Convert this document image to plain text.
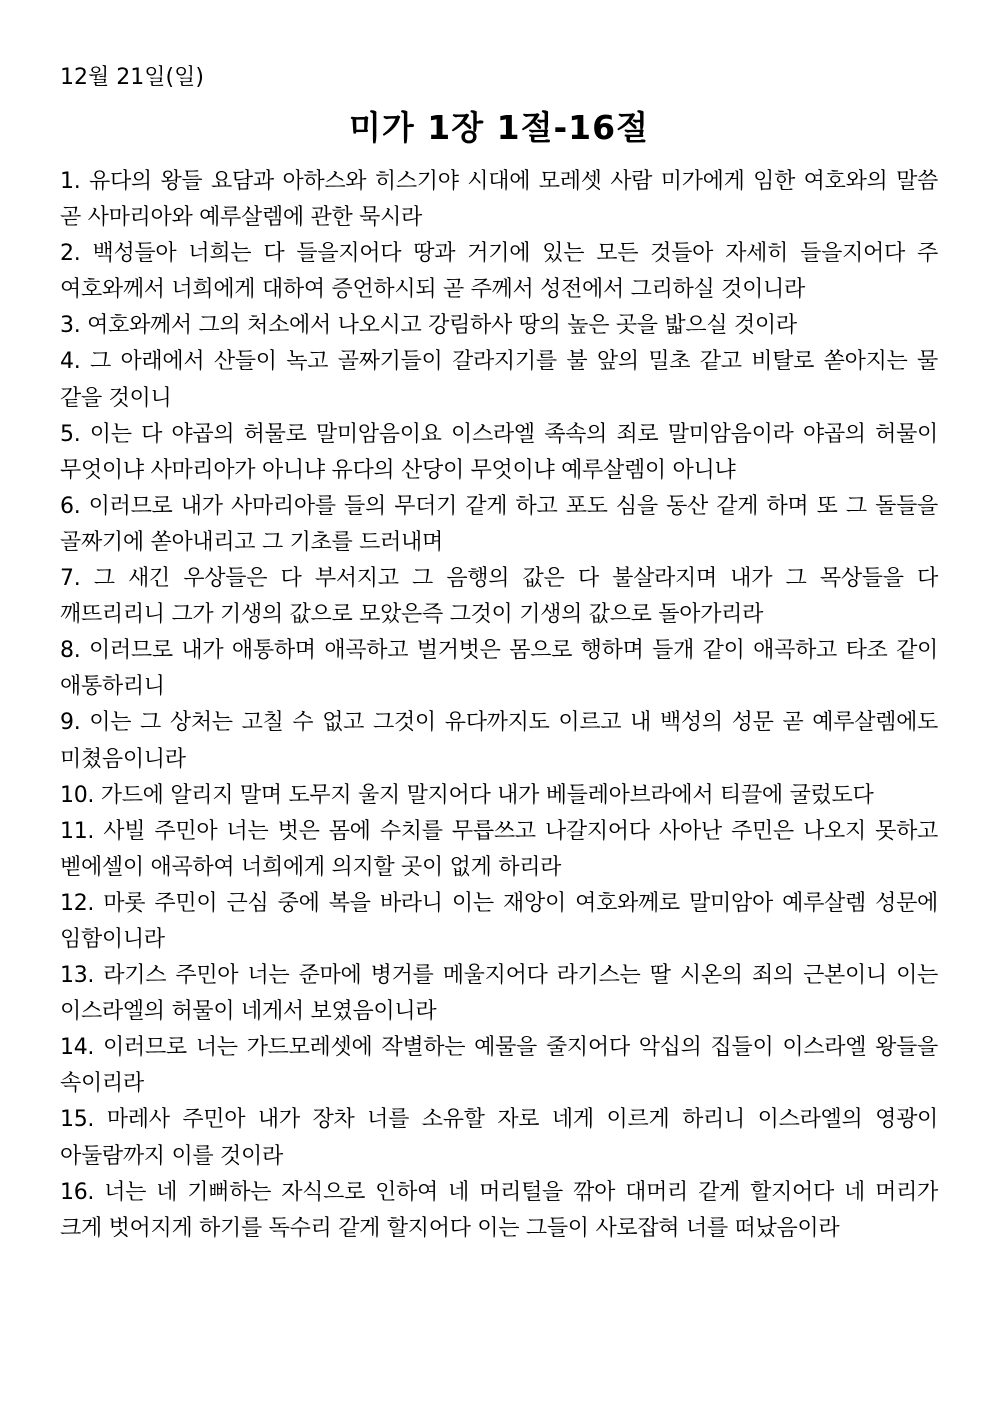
12월 21일(일)
미가 1장 1절-16절

1. 유다의 왕들 요담과 아하스와 히스기야 시대에 모레셋 사람 미가에게 임한 여호와의 말씀 곧 사마리아와 예루살렘에 관한 묵시라

2. 백성들아 너희는 다 들을지어다 땅과 거기에 있는 모든 것들아 자세히 들을지어다 주 여호와께서 너희에게 대하여 증언하시되 곧 주께서 성전에서 그리하실 것이니라

3. 여호와께서 그의 처소에서 나오시고 강림하사 땅의 높은 곳을 밟으실 것이라

4. 그 아래에서 산들이 녹고 골짜기들이 갈라지기를 불 앞의 밀초 같고 비탈로 쏟아지는 물 같을 것이니

5. 이는 다 야곱의 허물로 말미암음이요 이스라엘 족속의 죄로 말미암음이라 야곱의 허물이 무엇이냐 사마리아가 아니냐 유다의 산당이 무엇이냐 예루살렘이 아니냐

6. 이러므로 내가 사마리아를 들의 무더기 같게 하고 포도 심을 동산 같게 하며 또 그 돌들을 골짜기에 쏟아내리고 그 기초를 드러내며

7. 그 새긴 우상들은 다 부서지고 그 음행의 값은 다 불살라지며 내가 그 목상들을 다 깨뜨리리니 그가 기생의 값으로 모았은즉 그것이 기생의 값으로 돌아가리라

8. 이러므로 내가 애통하며 애곡하고 벌거벗은 몸으로 행하며 들개 같이 애곡하고 타조 같이 애통하리니

9. 이는 그 상처는 고칠 수 없고 그것이 유다까지도 이르고 내 백성의 성문 곧 예루살렘에도 미쳤음이니라

10. 가드에 알리지 말며 도무지 울지 말지어다 내가 베들레아브라에서 티끌에 굴렀도다

11. 사빌 주민아 너는 벗은 몸에 수치를 무릅쓰고 나갈지어다 사아난 주민은 나오지 못하고 벧에셀이 애곡하여 너희에게 의지할 곳이 없게 하리라

12. 마롯 주민이 근심 중에 복을 바라니 이는 재앙이 여호와께로 말미암아 예루살렘 성문에 임함이니라

13. 라기스 주민아 너는 준마에 병거를 메울지어다 라기스는 딸 시온의 죄의 근본이니 이는 이스라엘의 허물이 네게서 보였음이니라

14. 이러므로 너는 가드모레셋에 작별하는 예물을 줄지어다 악십의 집들이 이스라엘 왕들을 속이리라

15. 마레사 주민아 내가 장차 너를 소유할 자로 네게 이르게 하리니 이스라엘의 영광이 아둘람까지 이를 것이라

16. 너는 네 기뻐하는 자식으로 인하여 네 머리털을 깎아 대머리 같게 할지어다 네 머리가 크게 벗어지게 하기를 독수리 같게 할지어다 이는 그들이 사로잡혀 너를 떠났음이라
